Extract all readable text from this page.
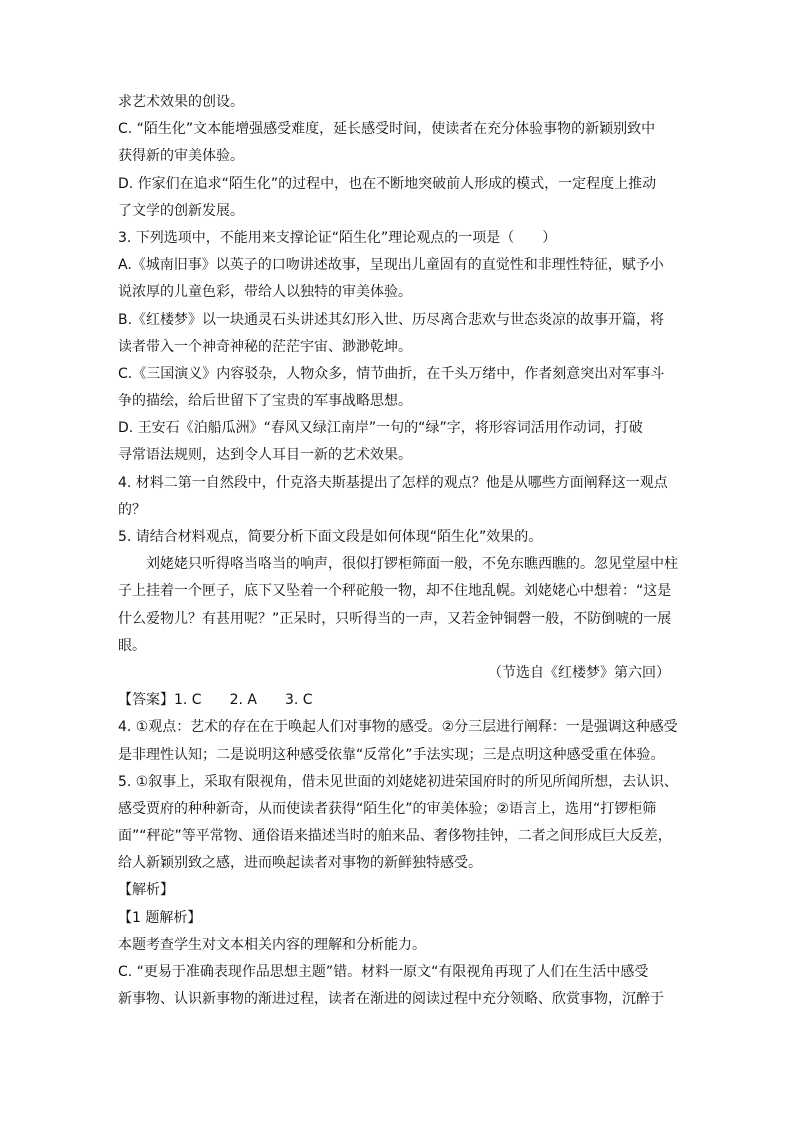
求艺术效果的创设。
C. “陌生化”文本能增强感受难度，延长感受时间，使读者在充分体验事物的新颖别致中
获得新的审美体验。
D. 作家们在追求“陌生化”的过程中，也在不断地突破前人形成的模式，一定程度上推动
了文学的创新发展。
3. 下列选项中，不能用来支撑论证“陌生化”理论观点的一项是（　　）
A.《城南旧事》以英子的口吻讲述故事，呈现出儿童固有的直觉性和非理性特征，赋予小
说浓厚的儿童色彩，带给人以独特的审美体验。
B.《红楼梦》以一块通灵石头讲述其幻形入世、历尽离合悲欢与世态炎凉的故事开篇，将
读者带入一个神奇神秘的茫茫宇宙、渺渺乾坤。
C.《三国演义》内容驳杂，人物众多，情节曲折，在千头万绪中，作者刻意突出对军事斗
争的描绘，给后世留下了宝贵的军事战略思想。
D. 王安石《泊船瓜洲》“春风又绿江南岸”一句的“绿”字，将形容词活用作动词，打破
寻常语法规则，达到令人耳目一新的艺术效果。
4. 材料二第一自然段中，什克洛夫斯基提出了怎样的观点？他是从哪些方面阐释这一观点
的？
5. 请结合材料观点，简要分析下面文段是如何体现“陌生化”效果的。
刘姥姥只听得咯当咯当的响声，很似打锣柜筛面一般，不免东瞧西瞧的。忽见堂屋中柱
子上挂着一个匣子，底下又坠着一个秤砣般一物，却不住地乱幌。刘姥姥心中想着：“这是
什么爱物儿？有甚用呢？”正呆时，只听得当的一声，又若金钟铜磬一般，不防倒唬的一展
眼。
（节选自《红楼梦》第六回）
【答案】1. C　　2. A　　3. C
4. ①观点：艺术的存在在于唤起人们对事物的感受。②分三层进行阐释：一是强调这种感受
是非理性认知；二是说明这种感受依靠“反常化”手法实现；三是点明这种感受重在体验。
5. ①叙事上，采取有限视角，借未见世面的刘姥姥初进荣国府时的所见所闻所想，去认识、
感受贾府的种种新奇，从而使读者获得“陌生化”的审美体验；②语言上，选用“打锣柜筛
面”“秤砣”等平常物、通俗语来描述当时的舶来品、奢侈物挂钟，二者之间形成巨大反差，
给人新颖别致之感，进而唤起读者对事物的新鲜独特感受。
【解析】
【1 题解析】
本题考查学生对文本相关内容的理解和分析能力。
C. “更易于准确表现作品思想主题”错。材料一原文“有限视角再现了人们在生活中感受
新事物、认识新事物的渐进过程，读者在渐进的阅读过程中充分领略、欣赏事物，沉醉于
